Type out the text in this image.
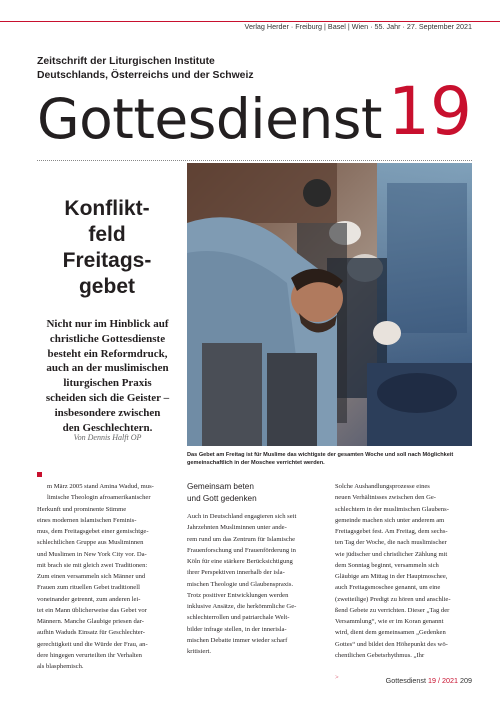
Verlag Herder · Freiburg | Basel | Wien · 55. Jahr · 27. September 2021
Zeitschrift der Liturgischen Institute
Deutschlands, Österreichs und der Schweiz
Gottesdienst 19
Konflikt-
feld
Freitags-
gebet
Nicht nur im Hinblick auf
christliche Gottesdienste
besteht ein Reformdruck,
auch an der muslimischen
liturgischen Praxis
scheiden sich die Geister –
insbesondere zwischen
den Geschlechtern.
Von Dennis Halft OP
Das Gebet am Freitag ist für Muslime das wichtigste der gesamten Woche und soll nach Möglichkeit
gemeinschaftlich in der Moschee verrichtet werden.
m März 2005 stand Amina Wadud, mus-
limische Theologin afroamerikanischer
Herkunft und prominente Stimme
eines modernen islamischen Feminis-
mus, dem Freitagsgebet einer gemischtge-
schlechtlichen Gruppe aus Musliminnen
und Muslimen in New York City vor. Da-
mit brach sie mit gleich zwei Traditionen:
Zum einen versammeln sich Männer und
Frauen zum rituellen Gebet traditionell
voneinander getrennt, zum anderen lei-
tet ein Mann üblicherweise das Gebet vor
Männern. Manche Glaubige priesen dar-
aufhin Waduds Einsatz für Geschlechter-
gerechtigkeit und die Würde der Frau, an-
dere hingegen verurteilten ihr Verhalten
als blasphemisch.
Gemeinsam beten
und Gott gedenken
Auch in Deutschland engagieren sich seit
Jahrzehnten Musliminnen unter ande-
rem rund um das Zentrum für Islamische
Frauenforschung und Frauenförderung in
Köln für eine stärkere Berücksichtigung
ihrer Perspektiven innerhalb der isla-
mischen Theologie und Glaubenspraxis.
Trotz positiver Entwicklungen werden
inklusive Ansätze, die herkömmliche Ge-
schlechterrollen und patriarchale Welt-
bilder infrage stellen, in der innerisla-
mischen Debatte immer wieder scharf
kritisiert.
Solche Aushandlungsprozesse eines
neuen Verhältnisses zwischen den Ge-
schlechtern in der muslimischen Glaubens-
gemeinde machen sich unter anderem am
Freitagsgebet fest. Am Freitag, dem sechs-
ten Tag der Woche, die nach muslimischer
wie jüdischer und christlicher Zählung mit
dem Sonntag beginnt, versammeln sich
Gläubige am Mittag in der Hauptmoschee,
auch Freitagsmoschee genannt, um eine
(zweiteilige) Predigt zu hören und anschlie-
ßend Gebete zu verrichten. Dieser „Tag der
Versammlung“, wie er im Koran genannt
wird, dient dem gemeinsamen „Gedenken
Gottes“ und bildet den Höhepunkt des wö-
chentlichen Gebetsrhythmus. „Ihr

>	Gottesdienst 19 / 2021 209
